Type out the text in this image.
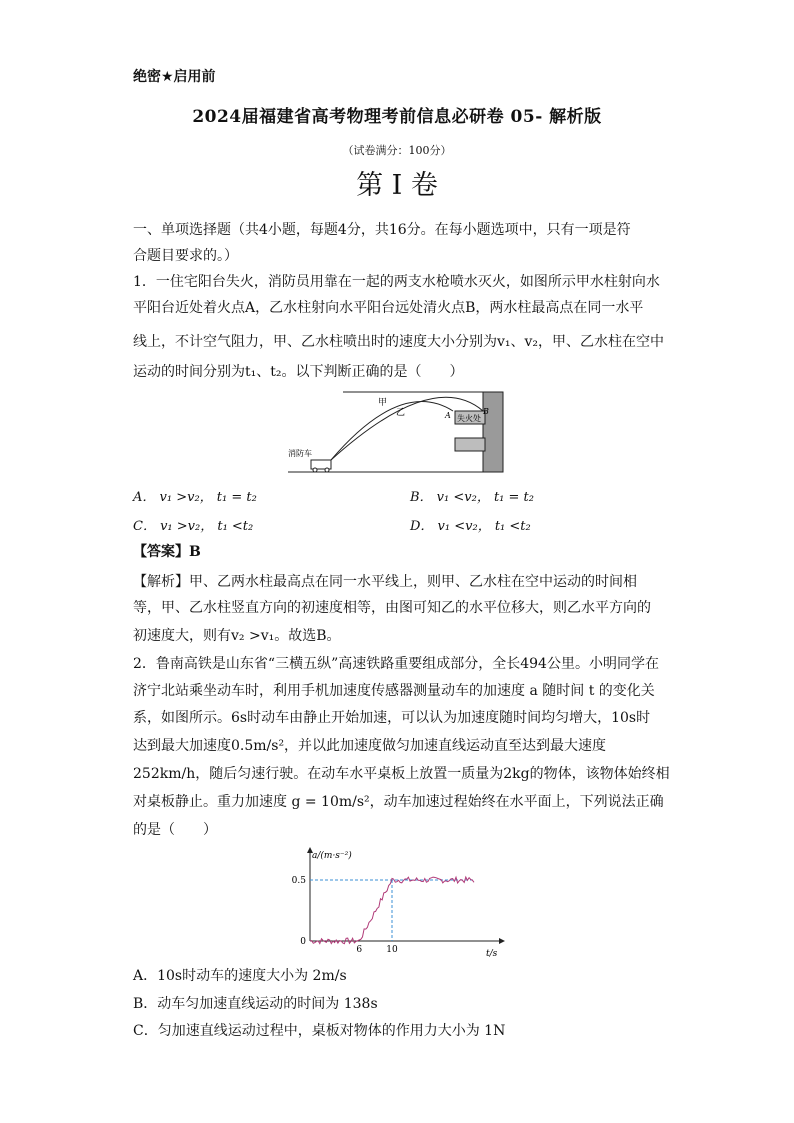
绝密★启用前
2024届福建省高考物理考前信息必研卷 05- 解析版
（试卷满分：100分）
第 I 卷
一、单项选择题（共4小题，每题4分，共16分。在每小题选项中，只有一项是符
合题目要求的。）
1．一住宅阳台失火，消防员用靠在一起的两支水枪喷水灭火，如图所示甲水柱射向水
平阳台近处着火点A，乙水柱射向水平阳台远处清火点B，两水柱最高点在同一水平
线上，不计空气阻力，甲、乙水柱喷出时的速度大小分别为v₁、v₂，甲、乙水柱在空中
运动的时间分别为t₁、t₂。以下判断正确的是（　　）
甲
乙	A	B
失火处
消防车
A． v₁ >v₂， t₁ = t₂	B． v₁ <v₂， t₁ = t₂
C． v₁ >v₂， t₁ <t₂	D． v₁ <v₂， t₁ <t₂
【答案】B
【解析】甲、乙两水柱最高点在同一水平线上，则甲、乙水柱在空中运动的时间相
等，甲、乙水柱竖直方向的初速度相等，由图可知乙的水平位移大，则乙水平方向的
初速度大，则有v₂ >v₁。故选B。
2．鲁南高铁是山东省“三横五纵”高速铁路重要组成部分，全长494公里。小明同学在
济宁北站乘坐动车时，利用手机加速度传感器测量动车的加速度 a 随时间 t 的变化关
系，如图所示。6s时动车由静止开始加速，可以认为加速度随时间均匀增大，10s时
达到最大加速度0.5m/s²，并以此加速度做匀加速直线运动直至达到最大速度
252km/h，随后匀速行驶。在动车水平桌板上放置一质量为2kg的物体，该物体始终相
对桌板静止。重力加速度 g = 10m/s²，动车加速过程始终在水平面上，下列说法正确
的是（　　）
a/(m·s⁻²)
t/s
0
0.5
6	10
A．10s时动车的速度大小为 2m/s
B．动车匀加速直线运动的时间为 138s
C．匀加速直线运动过程中，桌板对物体的作用力大小为 1N
